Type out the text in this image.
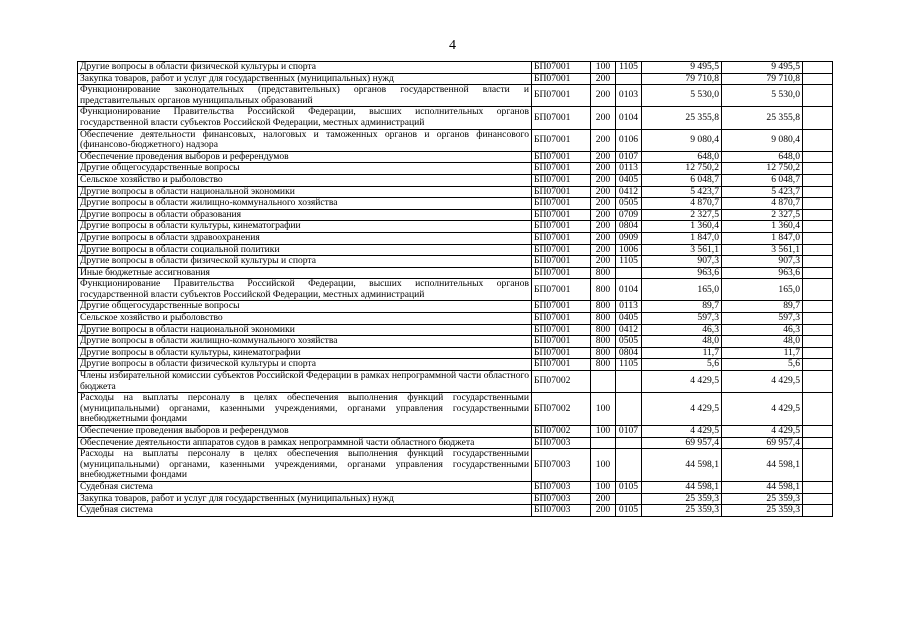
4
Другие вопросы в области физической культуры и спорта	БП07001	100	1105	9 495,5	9 495,5	
Закупка товаров, работ и услуг для государственных (муниципальных) нужд	БП07001	200		79 710,8	79 710,8	
Функционирование законодательных (представительных) органов государственной власти и представительных органов муниципальных образований	БП07001	200	0103	5 530,0	5 530,0	
Функционирование Правительства Российской Федерации, высших исполнительных органов государственной власти субъектов Российской Федерации, местных администраций	БП07001	200	0104	25 355,8	25 355,8	
Обеспечение деятельности финансовых, налоговых и таможенных органов и органов финансового (финансово-бюджетного) надзора	БП07001	200	0106	9 080,4	9 080,4	
Обеспечение проведения выборов и референдумов	БП07001	200	0107	648,0	648,0	
Другие общегосударственные вопросы	БП07001	200	0113	12 750,2	12 750,2	
Сельское хозяйство и рыболовство	БП07001	200	0405	6 048,7	6 048,7	
Другие вопросы в области национальной экономики	БП07001	200	0412	5 423,7	5 423,7	
Другие вопросы в области жилищно-коммунального хозяйства	БП07001	200	0505	4 870,7	4 870,7	
Другие вопросы в области образования	БП07001	200	0709	2 327,5	2 327,5	
Другие вопросы в области культуры, кинематографии	БП07001	200	0804	1 360,4	1 360,4	
Другие вопросы в области здравоохранения	БП07001	200	0909	1 847,0	1 847,0	
Другие вопросы в области социальной политики	БП07001	200	1006	3 561,1	3 561,1	
Другие вопросы в области физической культуры и спорта	БП07001	200	1105	907,3	907,3	
Иные бюджетные ассигнования	БП07001	800		963,6	963,6	
Функционирование Правительства Российской Федерации, высших исполнительных органов государственной власти субъектов Российской Федерации, местных администраций	БП07001	800	0104	165,0	165,0	
Другие общегосударственные вопросы	БП07001	800	0113	89,7	89,7	
Сельское хозяйство и рыболовство	БП07001	800	0405	597,3	597,3	
Другие вопросы в области национальной экономики	БП07001	800	0412	46,3	46,3	
Другие вопросы в области жилищно-коммунального хозяйства	БП07001	800	0505	48,0	48,0	
Другие вопросы в области культуры, кинематографии	БП07001	800	0804	11,7	11,7	
Другие вопросы в области физической культуры и спорта	БП07001	800	1105	5,6	5,6	
Члены избирательной комиссии субъектов Российской Федерации в рамках непрограммной части областного бюджета	БП07002			4 429,5	4 429,5	
Расходы на выплаты персоналу в целях обеспечения выполнения функций государственными (муниципальными) органами, казенными учреждениями, органами управления государственными внебюджетными фондами	БП07002	100		4 429,5	4 429,5	
Обеспечение проведения выборов и референдумов	БП07002	100	0107	4 429,5	4 429,5	
Обеспечение деятельности аппаратов судов в рамках непрограммной части областного бюджета	БП07003			69 957,4	69 957,4	
Расходы на выплаты персоналу в целях обеспечения выполнения функций государственными (муниципальными) органами, казенными учреждениями, органами управления государственными внебюджетными фондами	БП07003	100		44 598,1	44 598,1	
Судебная система	БП07003	100	0105	44 598,1	44 598,1	
Закупка товаров, работ и услуг для государственных (муниципальных) нужд	БП07003	200		25 359,3	25 359,3	
Судебная система	БП07003	200	0105	25 359,3	25 359,3	
